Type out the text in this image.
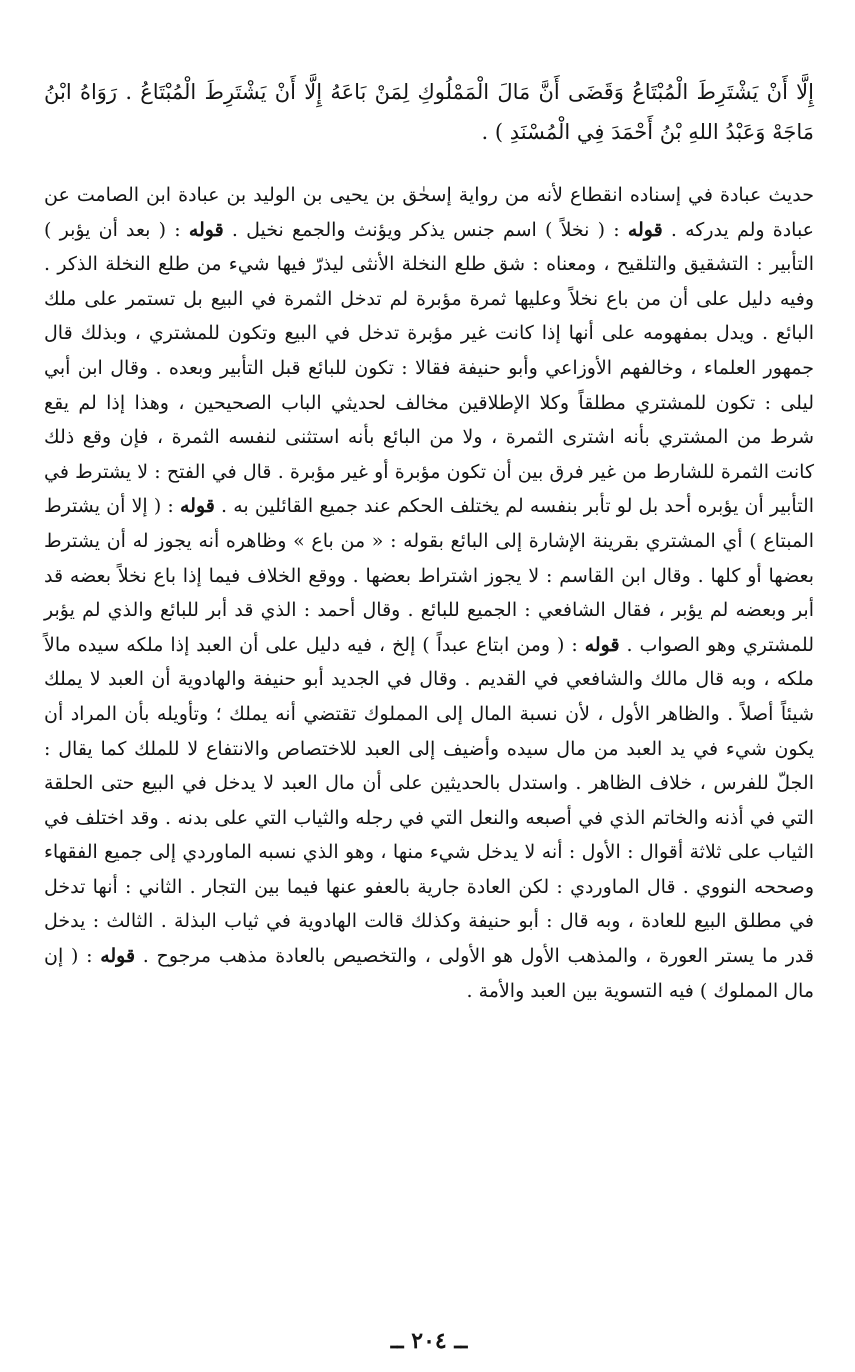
إِلَّا أَنْ يَشْتَرِطَ الْمُبْتَاعُ وَقَضَى أَنَّ مَالَ الْمَمْلُوكِ لِمَنْ بَاعَهُ إِلَّا أَنْ يَشْتَرِطَ الْمُبْتَاعُ . رَوَاهُ ابْنُ مَاجَهْ وَعَبْدُ اللهِ بْنُ أَحْمَدَ فِي الْمُسْنَدِ ) .

حديث عبادة في إسناده انقطاع لأنه من رواية إسحٰق بن يحيى بن الوليد بن عبادة ابن الصامت عن عبادة ولم يدركه . قوله : ( نخلاً ) اسم جنس يذكر ويؤنث والجمع نخيل . قوله : ( بعد أن يؤبر ) التأبير : التشقيق والتلقيح ، ومعناه : شق طلع النخلة الأنثى ليذرّ فيها شيء من طلع النخلة الذكر . وفيه دليل على أن من باع نخلاً وعليها ثمرة مؤبرة لم تدخل الثمرة في البيع بل تستمر على ملك البائع . ويدل بمفهومه على أنها إذا كانت غير مؤبرة تدخل في البيع وتكون للمشتري ، وبذلك قال جمهور العلماء ، وخالفهم الأوزاعي وأبو حنيفة فقالا : تكون للبائع قبل التأبير وبعده . وقال ابن أبي ليلى : تكون للمشتري مطلقاً وكلا الإطلاقين مخالف لحديثي الباب الصحيحين ، وهذا إذا لم يقع شرط من المشتري بأنه اشترى الثمرة ، ولا من البائع بأنه استثنى لنفسه الثمرة ، فإن وقع ذلك كانت الثمرة للشارط من غير فرق بين أن تكون مؤبرة أو غير مؤبرة . قال في الفتح : لا يشترط في التأبير أن يؤبره أحد بل لو تأبر بنفسه لم يختلف الحكم عند جميع القائلين به . قوله : ( إلا أن يشترط المبتاع ) أي المشتري بقرينة الإشارة إلى البائع بقوله : « من باع » وظاهره أنه يجوز له أن يشترط بعضها أو كلها . وقال ابن القاسم : لا يجوز اشتراط بعضها . ووقع الخلاف فيما إذا باع نخلاً بعضه قد أبر وبعضه لم يؤبر ، فقال الشافعي : الجميع للبائع . وقال أحمد : الذي قد أبر للبائع والذي لم يؤبر للمشتري وهو الصواب . قوله : ( ومن ابتاع عبداً ) إلخ ، فيه دليل على أن العبد إذا ملكه سيده مالاً ملكه ، وبه قال مالك والشافعي في القديم . وقال في الجديد أبو حنيفة والهادوية أن العبد لا يملك شيئاً أصلاً . والظاهر الأول ، لأن نسبة المال إلى المملوك تقتضي أنه يملك ؛ وتأويله بأن المراد أن يكون شيء في يد العبد من مال سيده وأضيف إلى العبد للاختصاص والانتفاع لا للملك كما يقال : الجلّ للفرس ، خلاف الظاهر . واستدل بالحديثين على أن مال العبد لا يدخل في البيع حتى الحلقة التي في أذنه والخاتم الذي في أصبعه والنعل التي في رجله والثياب التي على بدنه . وقد اختلف في الثياب على ثلاثة أقوال : الأول : أنه لا يدخل شيء منها ، وهو الذي نسبه الماوردي إلى جميع الفقهاء وصححه النووي . قال الماوردي : لكن العادة جارية بالعفو عنها فيما بين التجار . الثاني : أنها تدخل في مطلق البيع للعادة ، وبه قال : أبو حنيفة وكذلك قالت الهادوية في ثياب البذلة . الثالث : يدخل قدر ما يستر العورة ، والمذهب الأول هو الأولى ، والتخصيص بالعادة مذهب مرجوح . قوله : ( إن مال المملوك ) فيه التسوية بين العبد والأمة .

ــ ٢٠٤ ــ
